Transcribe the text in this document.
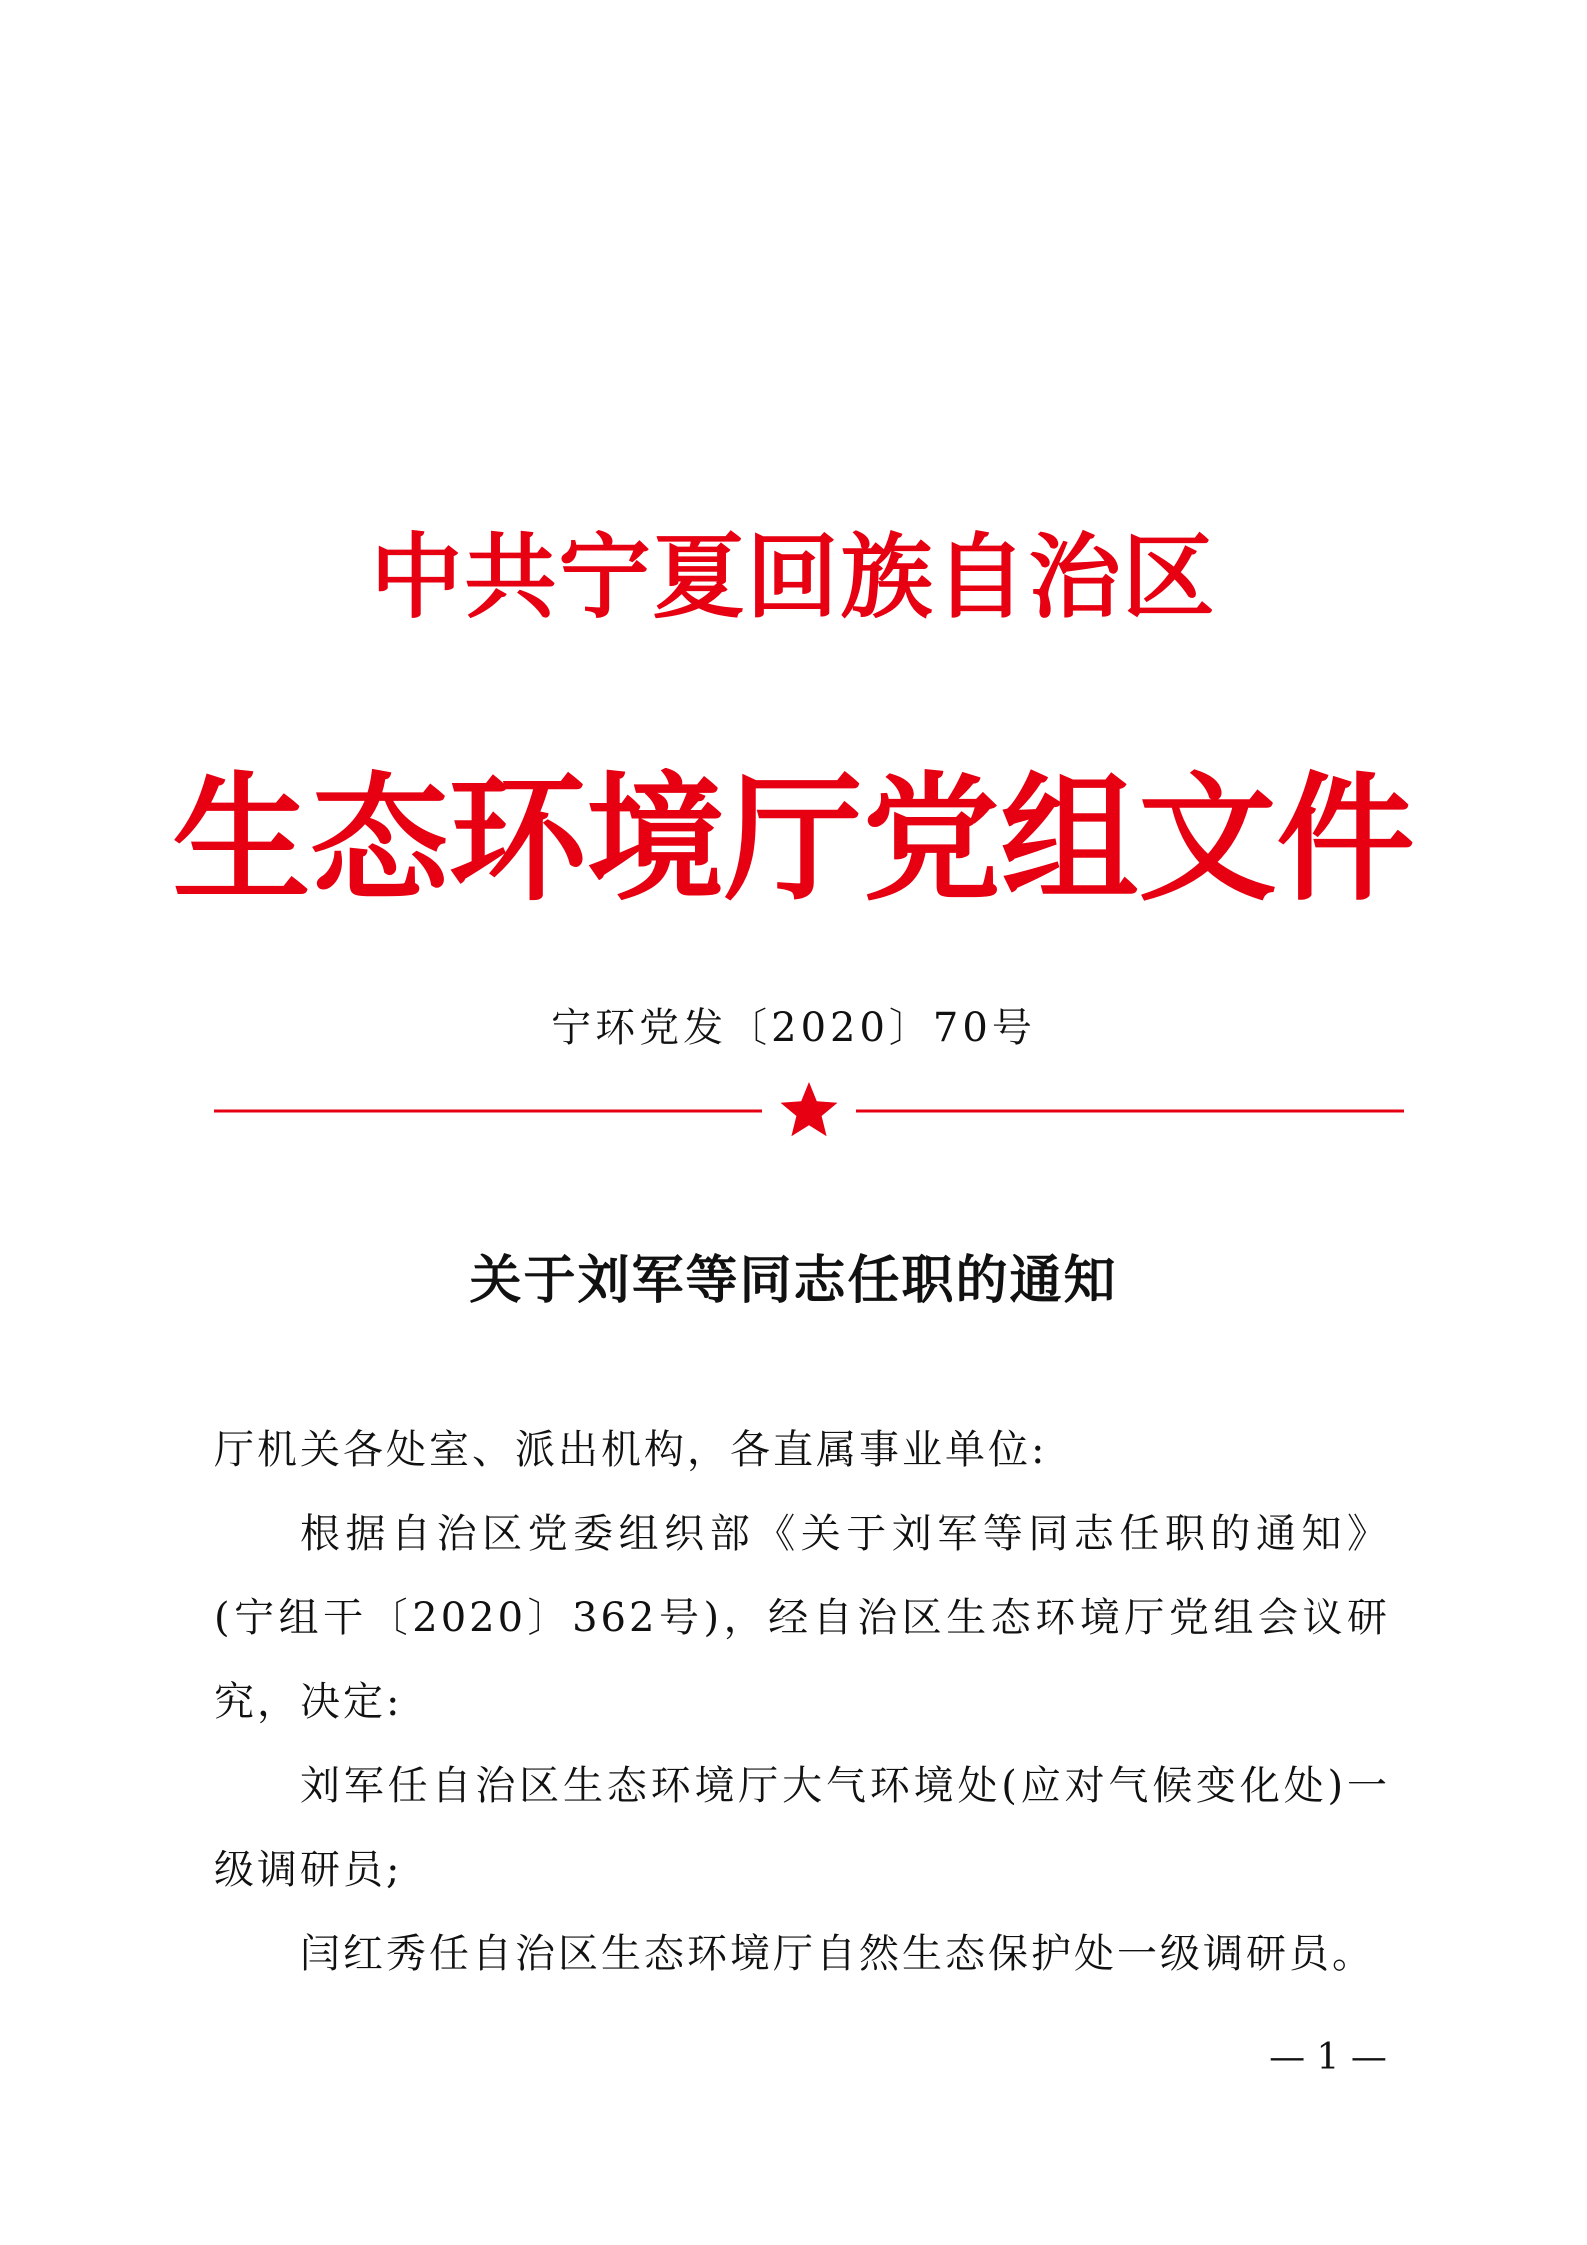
中共宁夏回族自治区
生态环境厅党组文件
宁环党发〔2020〕70号
关于刘军等同志任职的通知

厅机关各处室、派出机构，各直属事业单位:

根据自治区党委组织部《关于刘军等同志任职的通知》(宁组干〔2020〕362号)，经自治区生态环境厅党组会议研究，决定:

刘军任自治区生态环境厅大气环境处(应对气候变化处)一级调研员;

闫红秀任自治区生态环境厅自然生态保护处一级调研员。

— 1 —
